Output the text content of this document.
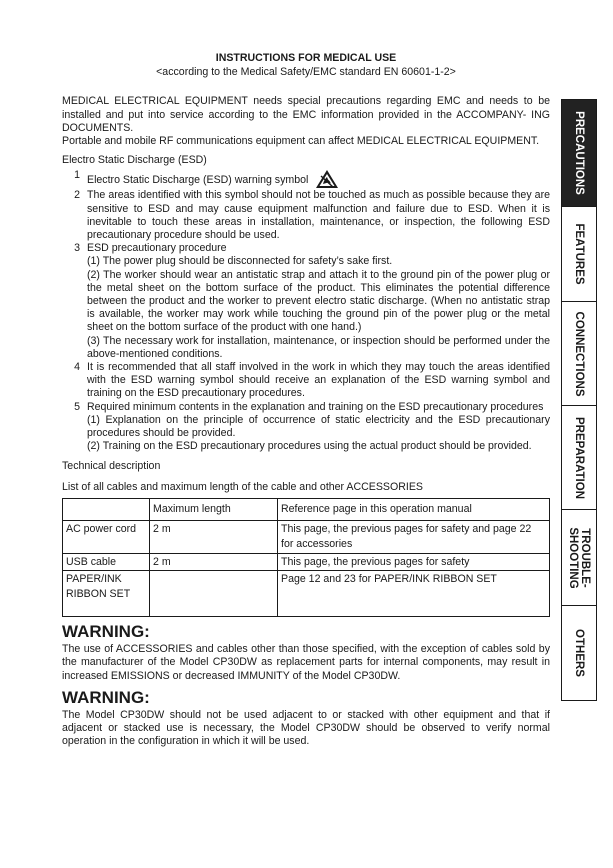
INSTRUCTIONS FOR MEDICAL USE

<according to the Medical Safety/EMC standard EN 60601-1-2>

MEDICAL ELECTRICAL EQUIPMENT needs special precautions regarding EMC and needs to be installed and put into service according to the EMC information provided in the ACCOMPANY- ING DOCUMENTS.

Portable and mobile RF communications equipment can affect MEDICAL ELECTRICAL EQUIPMENT.

Electro Static Discharge (ESD)

1 Electro Static Discharge (ESD) warning symbol
2 The areas identified with this symbol should not be touched as much as possible because they are sensitive to ESD and may cause equipment malfunction and failure due to ESD. When it is inevitable to touch these areas in installation, maintenance, or inspection, the following ESD precautionary procedure should be used.
3 ESD precautionary procedure
(1) The power plug should be disconnected for safety’s sake first.
(2) The worker should wear an antistatic strap and attach it to the ground pin of the power plug or the metal sheet on the bottom surface of the product. This eliminates the potential difference between the product and the worker to prevent electro static discharge. (When no antistatic strap is available, the worker may work while touching the ground pin of the power plug or the metal sheet on the bottom surface of the product with one hand.)
(3) The necessary work for installation, maintenance, or inspection should be performed under the above-mentioned conditions.
4 It is recommended that all staff involved in the work in which they may touch the areas identified with the ESD warning symbol should receive an explanation of the ESD warning symbol and training on the ESD precautionary procedures.
5 Required minimum contents in the explanation and training on the ESD precautionary procedures
(1) Explanation on the principle of occurrence of static electricity and the ESD precautionary procedures should be provided.
(2) Training on the ESD precautionary procedures using the actual product should be provided.

Technical description

List of all cables and maximum length of the cable and other ACCESSORIES

	Maximum length	Reference page in this operation manual
AC power cord	2 m	This page, the previous pages for safety and page 22 for accessories
USB cable	2 m	This page, the previous pages for safety
PAPER/INK RIBBON SET		Page 12 and 23 for PAPER/INK RIBBON SET
WARNING:

The use of ACCESSORIES and cables other than those specified, with the exception of cables sold by the manufacturer of the Model CP30DW as replacement parts for internal components, may result in increased EMISSIONS or decreased IMMUNITY of the Model CP30DW.

WARNING:

The Model CP30DW should not be used adjacent to or stacked with other equipment and that if adjacent or stacked use is necessary, the Model CP30DW should be observed to verify normal operation in the configuration in which it will be used.

PRECAUTIONS
FEATURES
CONNECTIONS
PREPARATION
TROUBLE-
SHOOTING
OTHERS
